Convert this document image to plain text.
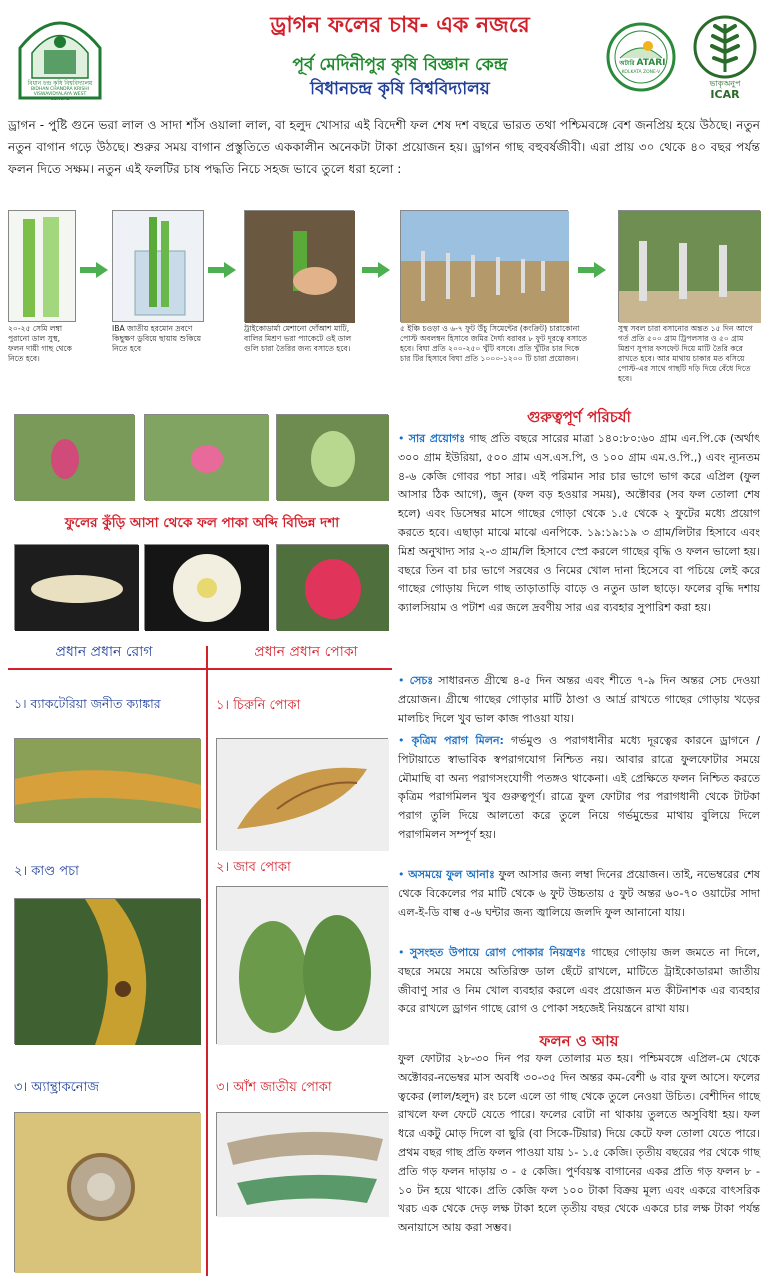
বিধান চন্দ্র কৃষি বিশ্ববিদ্যালয়
BIDHAN CHANDRA KRISHI VISWAVIDYALAYA WEST BENGAL
ড্রাগন ফলের চাষ- এক নজরে
পূর্ব মেদিনীপুর কৃষি বিজ্ঞান কেন্দ্র
বিধানচন্দ্র কৃষি বিশ্ববিদ্যালয়
অটারি ATARI
KOLKATA ZONE-V
ভাকৃঅনুপ
ICAR
ড্রাগন - পুষ্টি গুনে ভরা লাল ও সাদা শাঁস ওয়ালা লাল, বা হলুদ খোসার এই বিদেশী ফল শেষ দশ বছরে ভারত তথা পশ্চিমবঙ্গে বেশ জনপ্রিয় হয়ে উঠছে। নতুন নতুন বাগান গড়ে উঠছে। শুরুর সময় বাগান প্রস্তুতিতে এককালীন অনেকটা টাকা প্রয়োজন হয়। ড্রাগন গাছ বহুবর্ষজীবী। এরা প্রায় ৩০ থেকে ৪০ বছর পর্যন্ত ফলন দিতে সক্ষম। নতুন এই ফলটির চাষ পদ্ধতি নিচে সহজ ভাবে তুলে ধরা হলো :
২০-২৫ সেমি লম্বা পুরানো ডাল সুস্থ, ফলন দায়ী গাছ থেকে নিতে হবে।
IBA জাতীয় হরমোন দ্রবণে কিছুক্ষণ ডুবিয়ে ছায়ায় শুকিয়ে নিতে হবে
ট্রাইকোডার্মা মেশানো দোঁআশ মাটি, বালির মিশ্রণ ভরা প্যাকেটে ওই ডাল গুলি চারা তৈরির জন্য বসাতে হবে।
৫ ইঞ্চি চওড়া ও ৬-৭ ফুট উঁচু সিমেন্টের (কংক্রিট) চারাকোনা পোস্ট অবলম্বন হিসাবে জমির দৈর্ঘ্য বরাবর ৮ ফুট দূরত্বে বসাতে হবে। বিঘা প্রতি ২০০-২৫০ খুঁটি বসবে। প্রতি খুঁটির চার দিকে চার টির হিসাবে বিঘা প্রতি ১০০০-১২০০ টি চারা প্রয়োজন।
সুস্থ সবল চারা বসানোর অন্তত ১৫ দিন আগে গর্ত প্রতি ৫০০ গ্রাম ট্রিপলসার ও ৫০ গ্রাম মিশ্রণ সুপার ফসফেট দিয়ে মাটি তৈরি করে রাখতে হবে। আর মাথায় চাকার মত বসিয়ে পোস্ট-এর সাথে গাছটি দড়ি দিয়ে বেঁধে দিতে হবে।
ফুলের কুঁড়ি আসা থেকে ফল পাকা অব্দি বিভিন্ন দশা
প্রধান প্রধান রোগ	প্রধান প্রধান পোকা
১। ব্যাকটেরিয়া জনীত ক্যাঙ্কার	১। চিরুনি পোকা
২। কাণ্ড পচা	২। জাব পোকা
৩। অ্যান্থ্রাকনোজ	৩। আঁশ জাতীয় পোকা
গুরুত্বপূর্ণ পরিচর্যা
• সার প্রয়োগঃ গাছ প্রতি বছরে সারের মাত্রা ১৪০:৮০:৬০ গ্রাম এন.পি.কে (অর্থাৎ ৩০০ গ্রাম ইউরিয়া, ৫০০ গ্রাম এস.এস.পি, ও ১০০ গ্রাম এম.ও.পি.,) এবং ন্যূনতম ৪-৬ কেজি গোবর পচা সার। এই পরিমান সার চার ভাগে ভাগ করে এপ্রিল (ফুল আসার ঠিক আগে), জুন (ফল বড় হওয়ার সময়), অক্টোবর (সব ফল তোলা শেষ হলে) এবং ডিসেম্বর মাসে গাছের গোড়া থেকে ১.৫ থেকে ২ ফুটের মধ্যে প্রয়োগ করতে হবে। এছাড়া মাঝে মাঝে এনপিকে. ১৯:১৯:১৯ ৩ গ্রাম/লিটার হিসাবে এবং মিশ্র অনুখাদ্য সার ২-৩ গ্রাম/লি হিসাবে স্প্রে করলে গাছের বৃদ্ধি ও ফলন ভালো হয়। বছরে তিন বা চার ভাগে সরষের ও নিমের খোল দানা হিসেবে বা পচিয়ে লেই করে গাছের গোড়ায় দিলে গাছ তাড়াতাড়ি বাড়ে ও নতুন ডাল ছাড়ে। ফলের বৃদ্ধি দশায় ক্যালসিয়াম ও পটাশ এর জলে দ্রবণীয় সার এর ব্যবহার সুপারিশ করা হয়।
• সেচঃ সাধারনত গ্রীষ্মে ৪-৫ দিন অন্তর এবং শীতে ৭-৯ দিন অন্তর সেচ দেওয়া প্রয়োজন। গ্রীষ্মে গাছের গোড়ার মাটি ঠাণ্ডা ও আর্দ্র রাখতে গাছের গোড়ায় খড়ের মালচিং দিলে খুব ভাল কাজ পাওয়া যায়।
• কৃত্রিম পরাগ মিলন: গর্ভমুণ্ড ও পরাগধানীর মধ্যে দূরত্বের কারনে ড্রাগনে / পিটায়াতে স্বাভাবিক স্বপরাগযোগ নিশ্চিত নয়। আবার রাত্রে ফুলফোটার সময়ে মৌমাছি বা অন্য পরাগসংযোগী পতঙ্গও থাকেনা। এই প্রেক্ষিতে ফলন নিশ্চিত করতে কৃত্রিম পরাগমিলন খুব গুরুত্বপূর্ণ। রাত্রে ফুল ফোটার পর পরাগধানী থেকে টাটকা পরাগ তুলি দিয়ে আলতো করে তুলে নিয়ে গর্ভমুন্ডের মাথায় বুলিয়ে দিলে পরাগমিলন সম্পূর্ণ হয়।
• অসময়ে ফুল আনাঃ ফুল আসার জন্য লম্বা দিনের প্রয়োজন। তাই, নভেম্বরের শেষ থেকে বিকেলের পর মাটি থেকে ৬ ফুট উচ্চতায় ৫ ফুট অন্তর ৬০-৭০ ওয়াটের সাদা এল-ই-ডি বাল্ব ৫-৬ ঘন্টার জন্য জ্বালিয়ে জলদি ফুল আনানো যায়।
• সুসংহত উপায়ে রোগ পোকার নিয়ন্ত্রণঃ গাছের গোড়ায় জল জমতে না দিলে, বছরে সময়ে সময়ে অতিরিক্ত ডাল ছেঁটে রাখলে, মাটিতে ট্রাইকোডারমা জাতীয় জীবাণু সার ও নিম খোল ব্যবহার করলে এবং প্রয়োজন মত কীটনাশক এর ব্যবহার করে রাখলে ড্রাগন গাছে রোগ ও পোকা সহজেই নিয়ন্ত্রনে রাখা যায়।
ফলন ও আয়
ফুল ফোটার ২৮-৩০ দিন পর ফল তোলার মত হয়। পশ্চিমবঙ্গে এপ্রিল-মে থেকে অক্টোবর-নভেম্বর মাস অবধি ৩০-৩৫ দিন অন্তর কম-বেশী ৬ বার ফুল আসে। ফলের ত্বকের (লাল/হলুদ) রং চলে এলে তা গাছ থেকে তুলে নেওয়া উচিত। বেশীদিন গাছে রাখলে ফল ফেটে যেতে পারে। ফলের বোটা না থাকায় তুলতে অসুবিধা হয়। ফল ধরে একটু মোড় দিলে বা ছুরি (বা সিকে-টিয়ার) দিয়ে কেটে ফল তোলা যেতে পারে। প্রথম বছর গাছ প্রতি ফলন পাওয়া যায় ১- ১.৫ কেজি। তৃতীয় বছরের পর থেকে গাছ প্রতি গড় ফলন দাড়ায় ৩ - ৫ কেজি। পুর্ণবয়স্ক বাগানের একর প্রতি গড় ফলন ৮ - ১০ টন হয়ে থাকে। প্রতি কেজি ফল ১০০ টাকা বিক্রয় মূল্য এবং একরে বাৎসরিক খরচ এক থেকে দেড় লক্ষ টাকা হলে তৃতীয় বছর থেকে একরে চার লক্ষ টাকা পর্যন্ত অনায়াসে আয় করা সম্ভব।
